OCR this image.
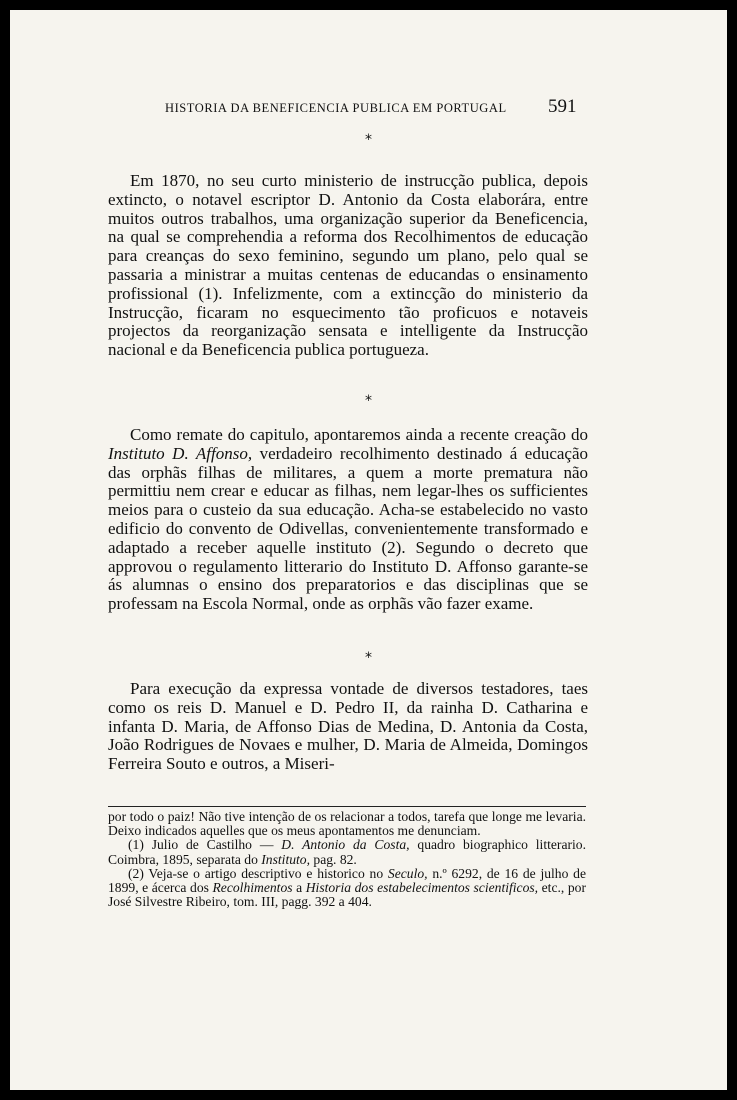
HISTORIA DA BENEFICENCIA PUBLICA EM PORTUGAL 591
*

Em 1870, no seu curto ministerio de instrucção publica, depois extincto, o notavel escriptor D. Antonio da Costa elaborára, entre muitos outros trabalhos, uma organização superior da Beneficencia, na qual se comprehendia a reforma dos Recolhimentos de educação para creanças do sexo feminino, segundo um plano, pelo qual se passaria a ministrar a muitas centenas de educandas o ensinamento profissional (1). Infelizmente, com a extincção do ministerio da Instrucção, ficaram no esquecimento tão proficuos e notaveis projectos da reorganização sensata e intelligente da Instrucção nacional e da Beneficencia publica portugueza.

*

Como remate do capitulo, apontaremos ainda a recente creação do Instituto D. Affonso, verdadeiro recolhimento destinado á educação das orphãs filhas de militares, a quem a morte prematura não permittiu nem crear e educar as filhas, nem legar-lhes os sufficientes meios para o custeio da sua educação. Acha-se estabelecido no vasto edificio do convento de Odivellas, convenientemente transformado e adaptado a receber aquelle instituto (2). Segundo o decreto que approvou o regulamento litterario do Instituto D. Affonso garante-se ás alumnas o ensino dos preparatorios e das disciplinas que se professam na Escola Normal, onde as orphãs vão fazer exame.

*

Para execução da expressa vontade de diversos testadores, taes como os reis D. Manuel e D. Pedro II, da rainha D. Catharina e infanta D. Maria, de Affonso Dias de Medina, D. Antonia da Costa, João Rodrigues de Novaes e mulher, D. Maria de Almeida, Domingos Ferreira Souto e outros, a Miseri-

por todo o paiz! Não tive intenção de os relacionar a todos, tarefa que longe me levaria. Deixo indicados aquelles que os meus apontamentos me denunciam.

(1) Julio de Castilho — D. Antonio da Costa, quadro biographico litterario. Coimbra, 1895, separata do Instituto, pag. 82.

(2) Veja-se o artigo descriptivo e historico no Seculo, n.º 6292, de 16 de julho de 1899, e ácerca dos Recolhimentos a Historia dos estabelecimentos scientificos, etc., por José Silvestre Ribeiro, tom. III, pagg. 392 a 404.
